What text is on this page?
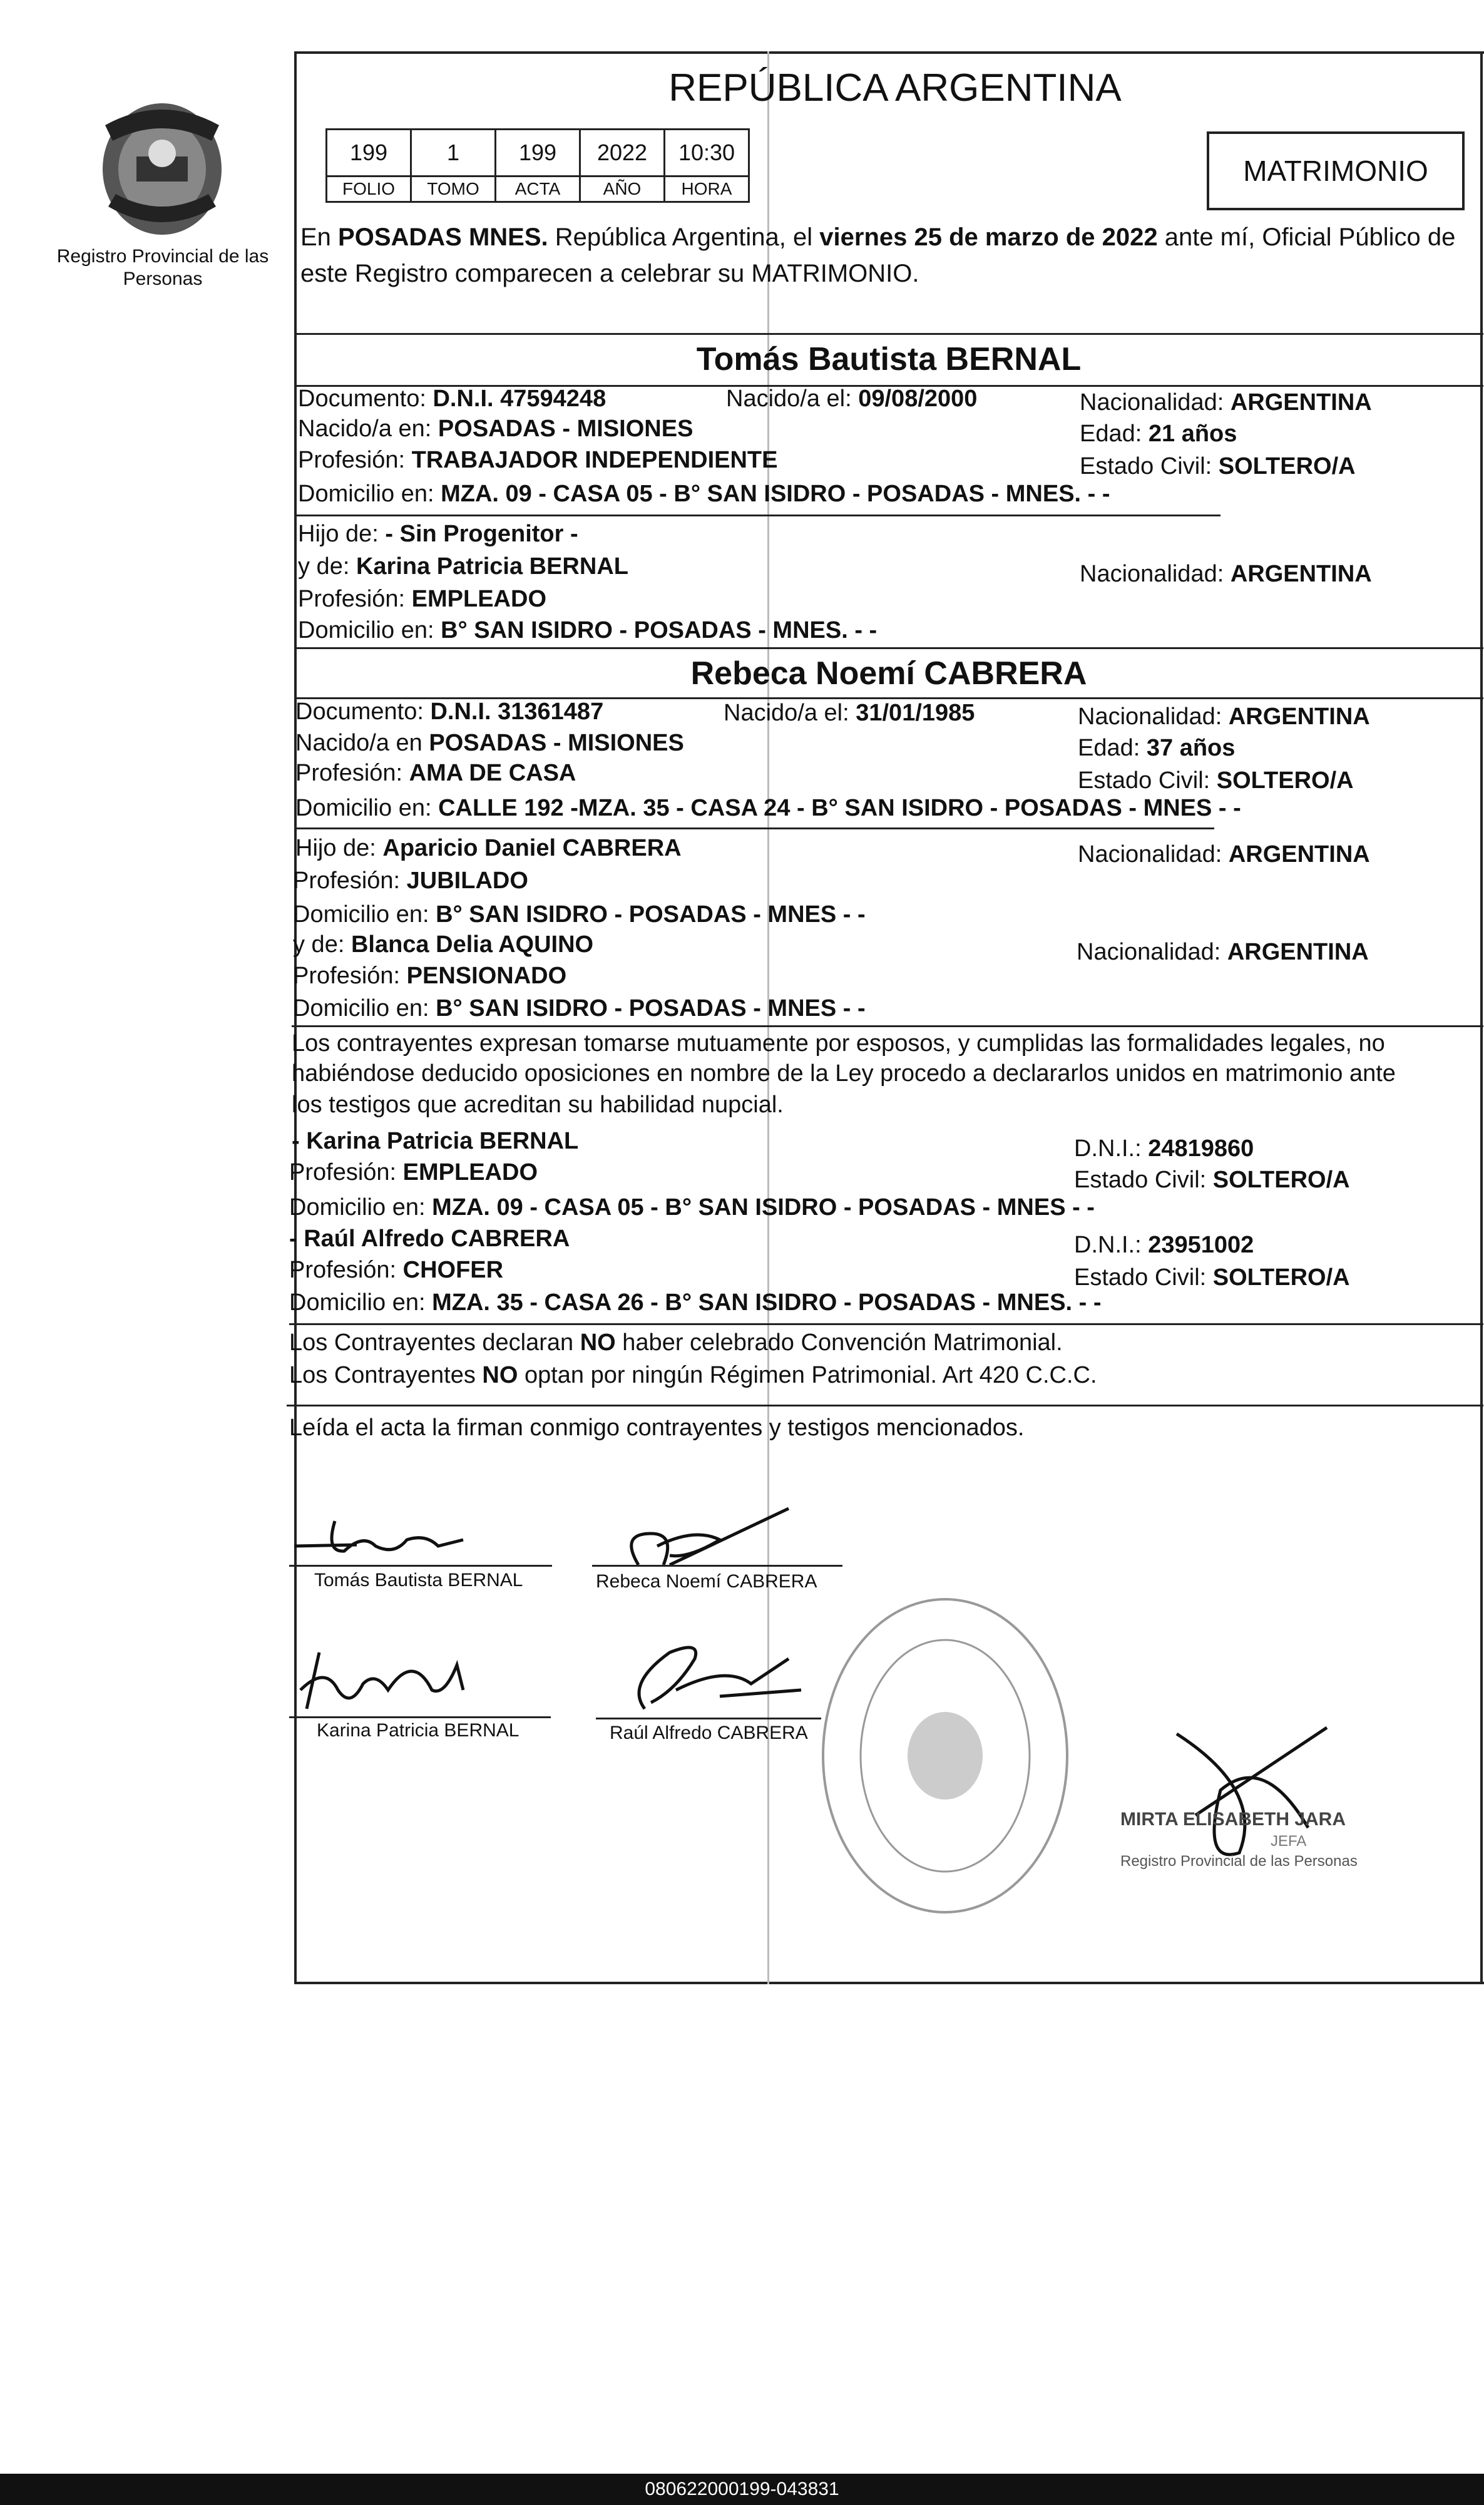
Registro Provincial de las Personas
REPÚBLICA ARGENTINA
199	1	199	2022	10:30
FOLIO	TOMO	ACTA	AÑO	HORA
MATRIMONIO
En POSADAS MNES. República Argentina, el viernes 25 de marzo de 2022 ante mí, Oficial Público de este Registro comparecen a celebrar su MATRIMONIO.
Tomás Bautista BERNAL
Documento: D.N.I. 47594248	Nacido/a el: 09/08/2000	Nacionalidad: ARGENTINA
Nacido/a en: POSADAS - MISIONES	Edad: 21 años
Profesión: TRABAJADOR INDEPENDIENTE	Estado Civil: SOLTERO/A
Domicilio en: MZA. 09 - CASA 05 - B° SAN ISIDRO - POSADAS - MNES. - -
Hijo de: - Sin Progenitor -
y de: Karina Patricia BERNAL	Nacionalidad: ARGENTINA
Profesión: EMPLEADO
Domicilio en: B° SAN ISIDRO - POSADAS - MNES. - -
Rebeca Noemí CABRERA
Documento: D.N.I. 31361487	Nacido/a el: 31/01/1985	Nacionalidad: ARGENTINA
Nacido/a en POSADAS - MISIONES	Edad: 37 años
Profesión: AMA DE CASA	Estado Civil: SOLTERO/A
Domicilio en: CALLE 192 -MZA. 35 - CASA 24 - B° SAN ISIDRO - POSADAS - MNES - -
Hijo de: Aparicio Daniel CABRERA	Nacionalidad: ARGENTINA
Profesión: JUBILADO
Domicilio en: B° SAN ISIDRO - POSADAS - MNES - -
y de: Blanca Delia AQUINO	Nacionalidad: ARGENTINA
Profesión: PENSIONADO
Domicilio en: B° SAN ISIDRO - POSADAS - MNES - -
Los contrayentes expresan tomarse mutuamente por esposos, y cumplidas las formalidades legales, no
habiéndose deducido oposiciones en nombre de la Ley procedo a declararlos unidos en matrimonio ante
los testigos que acreditan su habilidad nupcial.
- Karina Patricia BERNAL	D.N.I.: 24819860
Profesión: EMPLEADO	Estado Civil: SOLTERO/A
Domicilio en: MZA. 09 - CASA 05 - B° SAN ISIDRO - POSADAS - MNES - -
- Raúl Alfredo CABRERA	D.N.I.: 23951002
Profesión: CHOFER	Estado Civil: SOLTERO/A
Domicilio en: MZA. 35 - CASA 26 - B° SAN ISIDRO - POSADAS - MNES. - -
Los Contrayentes declaran NO haber celebrado Convención Matrimonial.
Los Contrayentes NO optan por ningún Régimen Patrimonial. Art 420 C.C.C.
Leída el acta la firman conmigo contrayentes y testigos mencionados.
Tomás Bautista BERNAL	Rebeca Noemí CABRERA
Karina Patricia BERNAL	Raúl Alfredo CABRERA
MIRTA ELISABETH JARA
JEFA
Registro Provincial de las Personas
080622000199-043831
